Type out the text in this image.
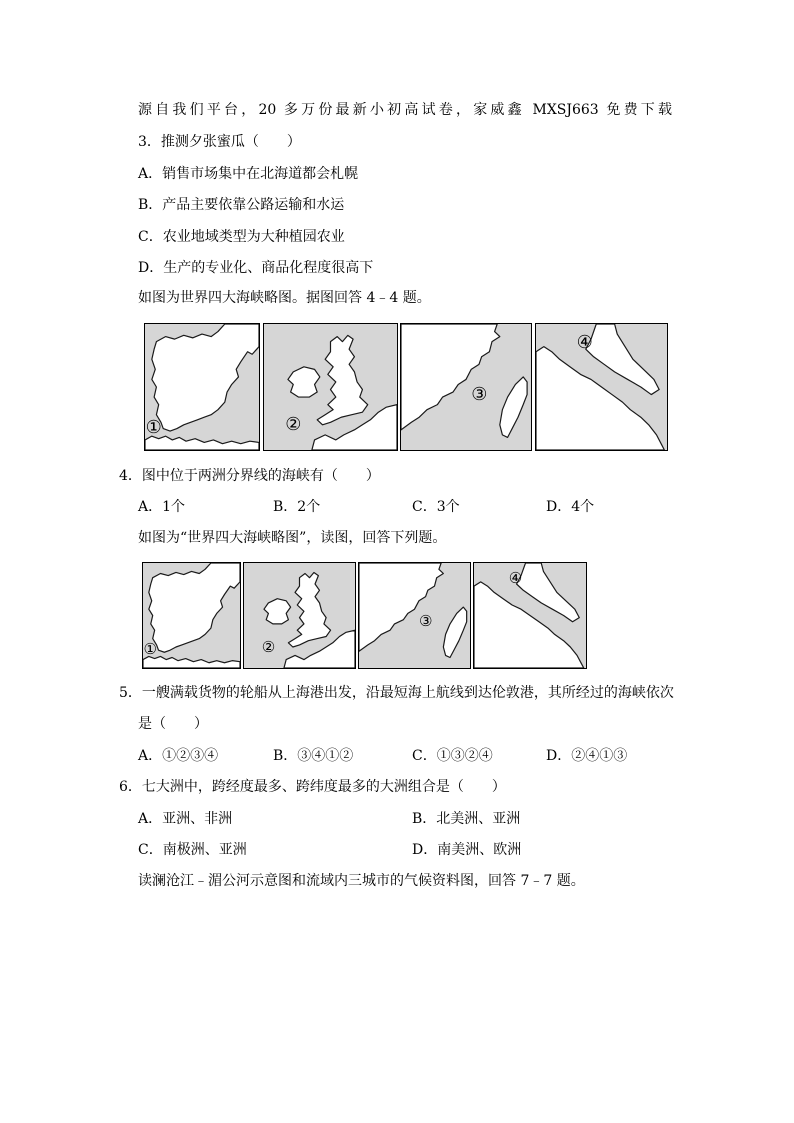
源自我们平台，20 多万份最新小初高试卷，家威鑫 MXSJ663 免费下载
3．推测夕张蜜瓜（　　）
A．销售市场集中在北海道都会札幌
B．产品主要依靠公路运输和水运
C．农业地域类型为大种植园农业
D．生产的专业化、商品化程度很高下
如图为世界四大海峡略图。据图回答 4﹣4 题。
①	②
③
④
4．图中位于两洲分界线的海峡有（　　）
A．1个	B．2个	C．3个	D．4个
如图为“世界四大海峡略图”，读图，回答下列题。
①	②
③
④
5．一艘满载货物的轮船从上海港出发，沿最短海上航线到达伦敦港，其所经过的海峡依次
是（　　）
A．①②③④	B．③④①②	C．①③②④	D．②④①③
6．七大洲中，跨经度最多、跨纬度最多的大洲组合是（　　）
A．亚洲、非洲	B．北美洲、亚洲
C．南极洲、亚洲	D．南美洲、欧洲
读澜沧江﹣湄公河示意图和流域内三城市的气候资料图，回答 7﹣7 题。
